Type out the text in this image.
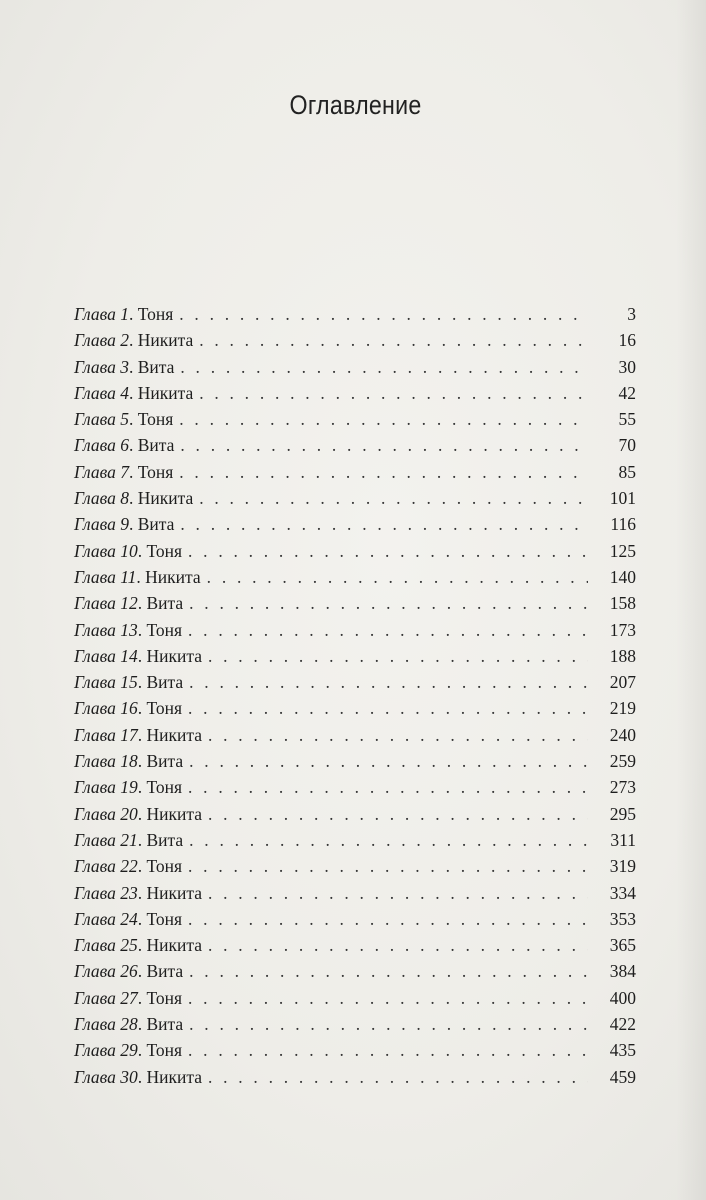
Оглавление
Глава 1. Тоня . . .	3
Глава 2. Никита . . .	16
Глава 3. Вита . . .	30
Глава 4. Никита . . .	42
Глава 5. Тоня . . .	55
Глава 6. Вита . . .	70
Глава 7. Тоня . . .	85
Глава 8. Никита . . .	101
Глава 9. Вита . . .	116
Глава 10. Тоня . . .	125
Глава 11. Никита . . .	140
Глава 12. Вита . . .	158
Глава 13. Тоня . . .	173
Глава 14. Никита . . .	188
Глава 15. Вита . . .	207
Глава 16. Тоня . . .	219
Глава 17. Никита . . .	240
Глава 18. Вита . . .	259
Глава 19. Тоня . . .	273
Глава 20. Никита . . .	295
Глава 21. Вита . . .	311
Глава 22. Тоня . . .	319
Глава 23. Никита . . .	334
Глава 24. Тоня . . .	353
Глава 25. Никита . . .	365
Глава 26. Вита . . .	384
Глава 27. Тоня . . .	400
Глава 28. Вита . . .	422
Глава 29. Тоня . . .	435
Глава 30. Никита . . .	459
